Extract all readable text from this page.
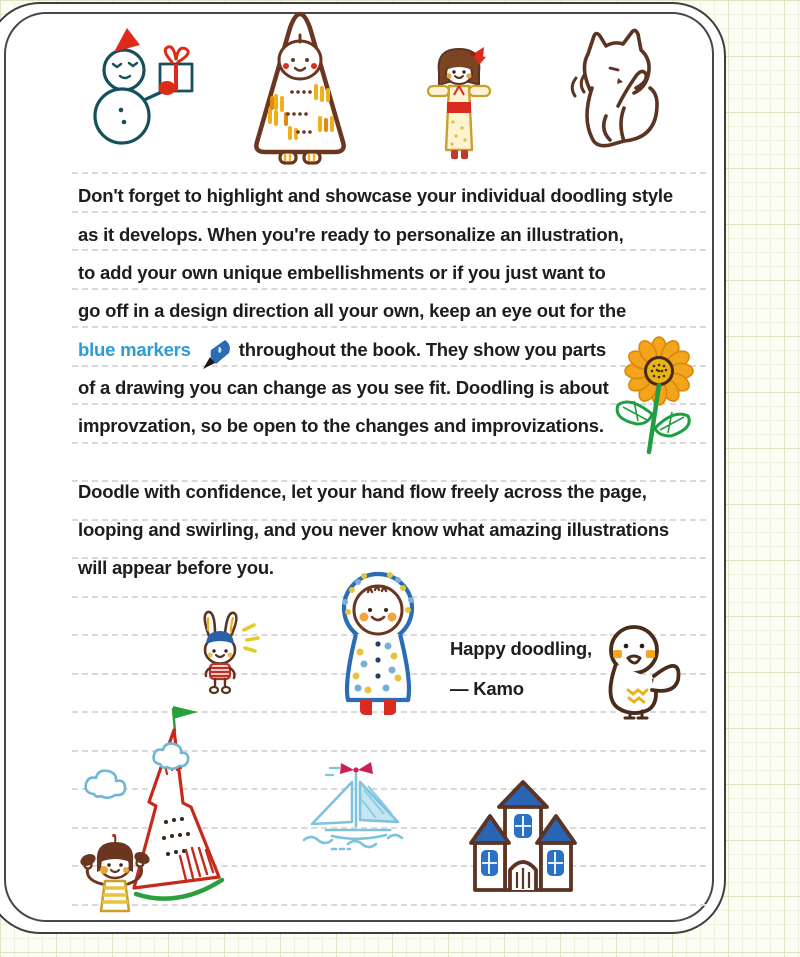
Don't forget to highlight and showcase your individual doodling style
as it develops. When you're ready to personalize an illustration,
to add your own unique embellishments or if you just want to
go off in a design direction all your own, keep an eye out for the
blue markers	throughout the book. They show you parts
of a drawing you can change as you see fit. Doodling is about
improvzation, so be open to the changes and improvizations.
Doodle with confidence, let your hand flow freely across the page,
looping and swirling, and you never know what amazing illustrations
will appear before you.
Happy doodling,
— Kamo
